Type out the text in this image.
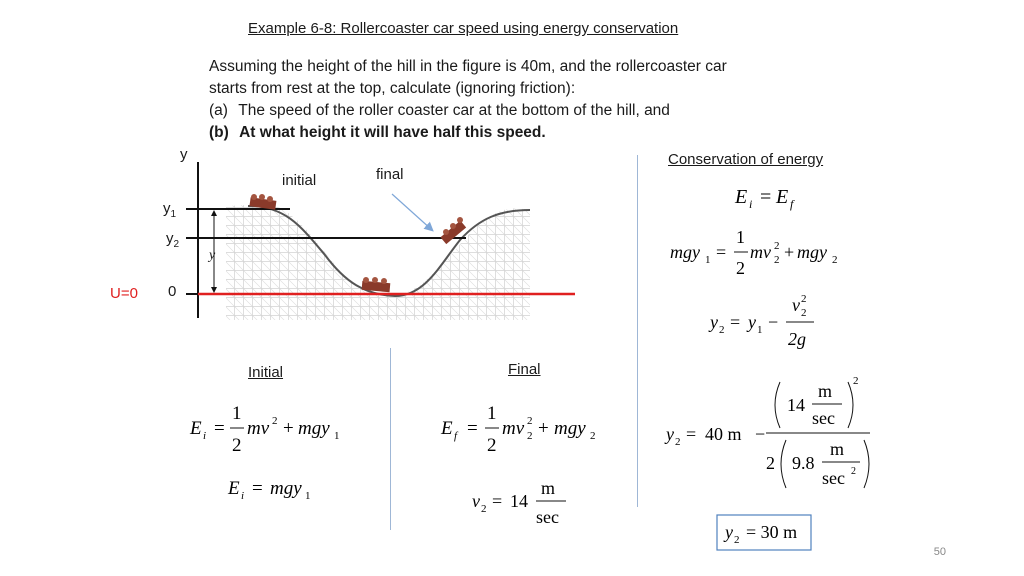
Example 6-8: Rollercoaster car speed using energy conservation
Assuming the height of the hill in the figure is 40m, and the rollercoaster car
starts from rest at the top, calculate (ignoring friction):
(a) The speed of the roller coaster car at the bottom of the hill, and
(b) At what height it will have half this speed.
y
$y_1$
$y_2$
0
U=0
y
initial	final
Conservation of energy
Initial	Final
E i = E f
mgy 1 =
1
2
mv 2
2 + mgy 2
y 2 = y 1 −
v 2
2
2g
E i =
1
2
mv 2 + mgy 1
E i = mgy 1
E f =
1
2
mv 2
2 + mgy 2
v 2 = 14
m
sec
y 2 = 40 m −
14
m
sec
2
2 9.8
m
sec 2
y 2 = 30 m
50
